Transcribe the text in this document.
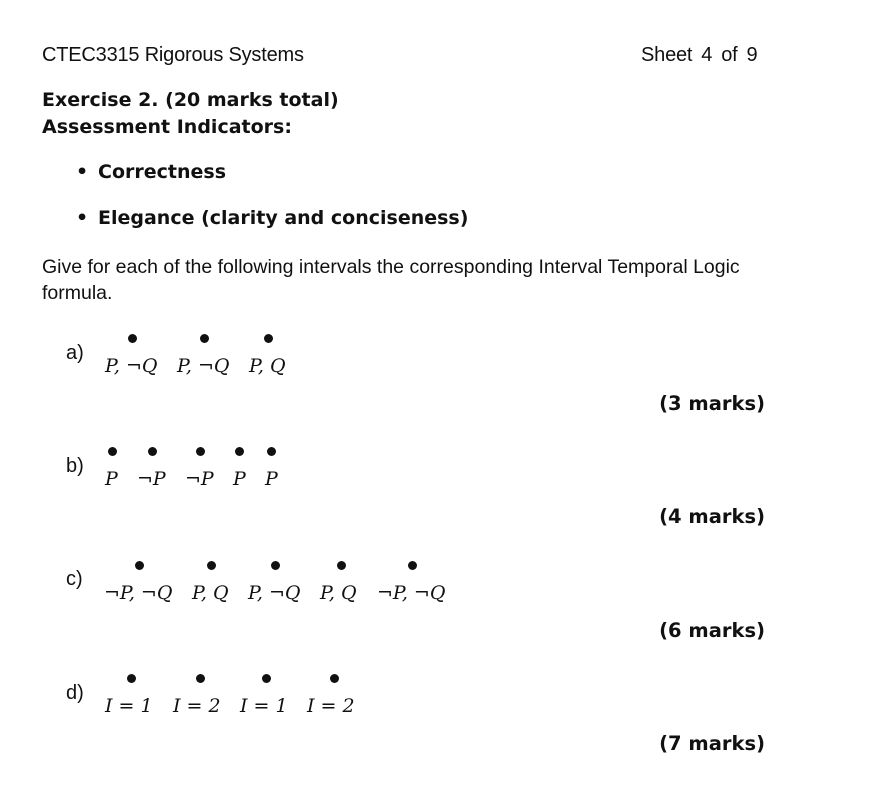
CTEC3315 Rigorous Systems	Sheet 4 of 9
Exercise 2. (20 marks total)
Assessment Indicators:
• Correctness
• Elegance (clarity and conciseness)
Give for each of the following intervals the corresponding Interval Temporal Logic formula.
a)
P, ¬Q P, ¬Q P, Q
(3 marks)
b)
P ¬P ¬P P P
(4 marks)
c)
¬P, ¬Q P, Q P, ¬Q P, Q ¬P, ¬Q
(6 marks)
d)
I = 1 I = 2 I = 1 I = 2
(7 marks)
